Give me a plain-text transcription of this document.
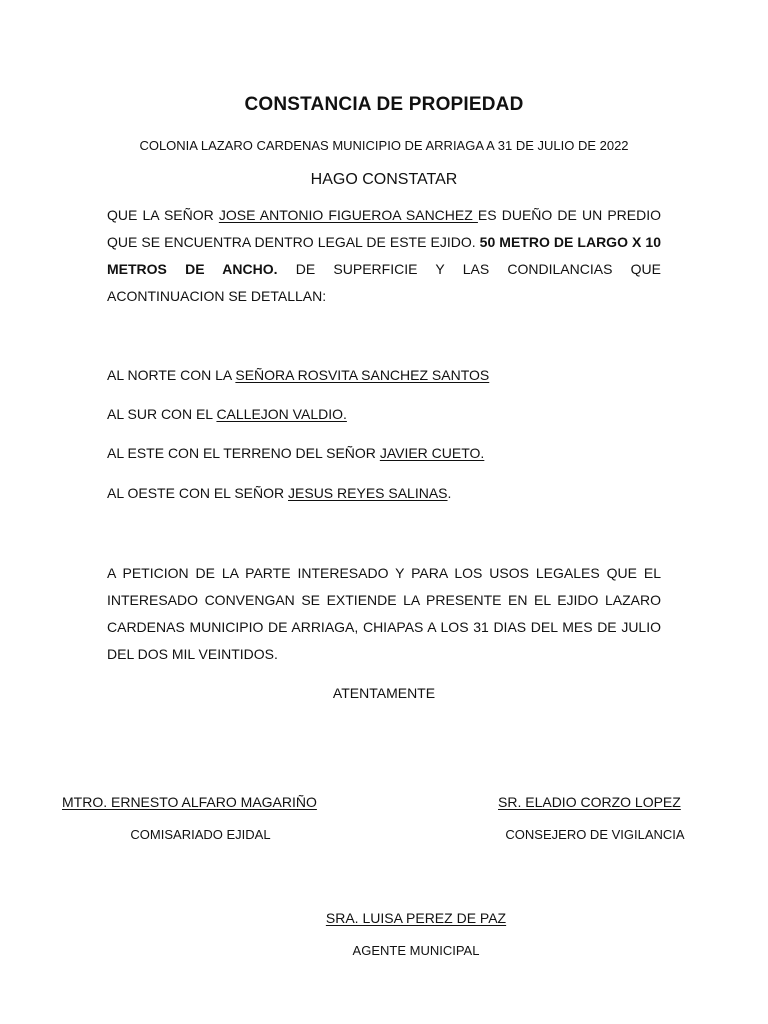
CONSTANCIA DE PROPIEDAD
COLONIA LAZARO CARDENAS MUNICIPIO DE ARRIAGA A 31 DE JULIO DE 2022
HAGO CONSTATAR
QUE LA SEÑOR JOSE ANTONIO FIGUEROA SANCHEZ ES DUEÑO DE UN PREDIO QUE SE ENCUENTRA DENTRO LEGAL DE ESTE EJIDO. 50 METRO DE LARGO X 10 METROS DE ANCHO. DE SUPERFICIE Y LAS CONDILANCIAS QUE ACONTINUACION SE DETALLAN:
AL NORTE CON LA SEÑORA ROSVITA SANCHEZ SANTOS
AL SUR CON EL CALLEJON VALDIO.
AL ESTE CON EL TERRENO DEL SEÑOR JAVIER CUETO.
AL OESTE CON EL SEÑOR JESUS REYES SALINAS.
A PETICION DE LA PARTE INTERESADO Y PARA LOS USOS LEGALES QUE EL INTERESADO CONVENGAN SE EXTIENDE LA PRESENTE EN EL EJIDO LAZARO CARDENAS MUNICIPIO DE ARRIAGA, CHIAPAS A LOS 31 DIAS DEL MES DE JULIO DEL DOS MIL VEINTIDOS.
ATENTAMENTE
MTRO. ERNESTO ALFARO MAGARIÑO
COMISARIADO EJIDAL
SR. ELADIO CORZO LOPEZ
CONSEJERO DE VIGILANCIA
SRA. LUISA PEREZ DE PAZ
AGENTE MUNICIPAL
